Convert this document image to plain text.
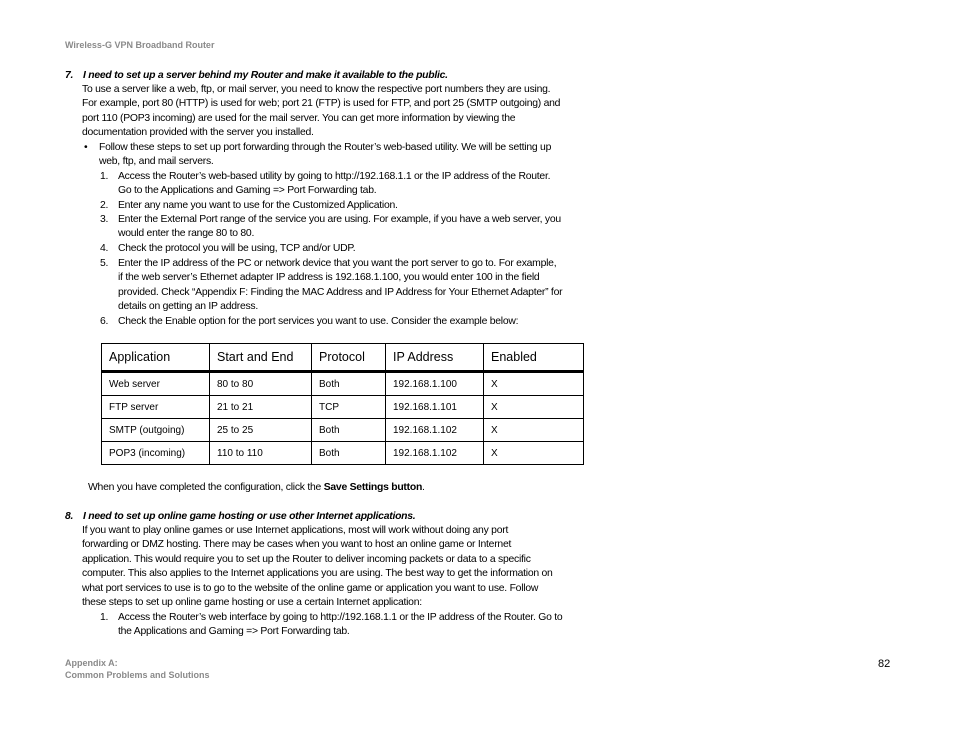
Wireless-G VPN Broadband Router
7. I need to set up a server behind my Router and make it available to the public.
To use a server like a web, ftp, or mail server, you need to know the respective port numbers they are using.
For example, port 80 (HTTP) is used for web; port 21 (FTP) is used for FTP, and port 25 (SMTP outgoing) and
port 110 (POP3 incoming) are used for the mail server. You can get more information by viewing the
documentation provided with the server you installed.
• Follow these steps to set up port forwarding through the Router’s web-based utility. We will be setting up
web, ftp, and mail servers.
1. Access the Router’s web-based utility by going to http://192.168.1.1 or the IP address of the Router.
Go to the Applications and Gaming => Port Forwarding tab.
2. Enter any name you want to use for the Customized Application.
3. Enter the External Port range of the service you are using. For example, if you have a web server, you
would enter the range 80 to 80.
4. Check the protocol you will be using, TCP and/or UDP.
5. Enter the IP address of the PC or network device that you want the port server to go to. For example,
if the web server’s Ethernet adapter IP address is 192.168.1.100, you would enter 100 in the field
provided. Check “Appendix F: Finding the MAC Address and IP Address for Your Ethernet Adapter” for
details on getting an IP address.
6. Check the Enable option for the port services you want to use. Consider the example below:
Application	Start and End	Protocol	IP Address	Enabled
Web server	80 to 80	Both	192.168.1.100	X
FTP server	21 to 21	TCP	192.168.1.101	X
SMTP (outgoing)	25 to 25	Both	192.168.1.102	X
POP3 (incoming)	110 to 110	Both	192.168.1.102	X
When you have completed the configuration, click the Save Settings button.
8. I need to set up online game hosting or use other Internet applications.
If you want to play online games or use Internet applications, most will work without doing any port
forwarding or DMZ hosting. There may be cases when you want to host an online game or Internet
application. This would require you to set up the Router to deliver incoming packets or data to a specific
computer. This also applies to the Internet applications you are using. The best way to get the information on
what port services to use is to go to the website of the online game or application you want to use. Follow
these steps to set up online game hosting or use a certain Internet application:
1. Access the Router’s web interface by going to http://192.168.1.1 or the IP address of the Router. Go to
the Applications and Gaming => Port Forwarding tab.
Appendix A:
Common Problems and Solutions
82
